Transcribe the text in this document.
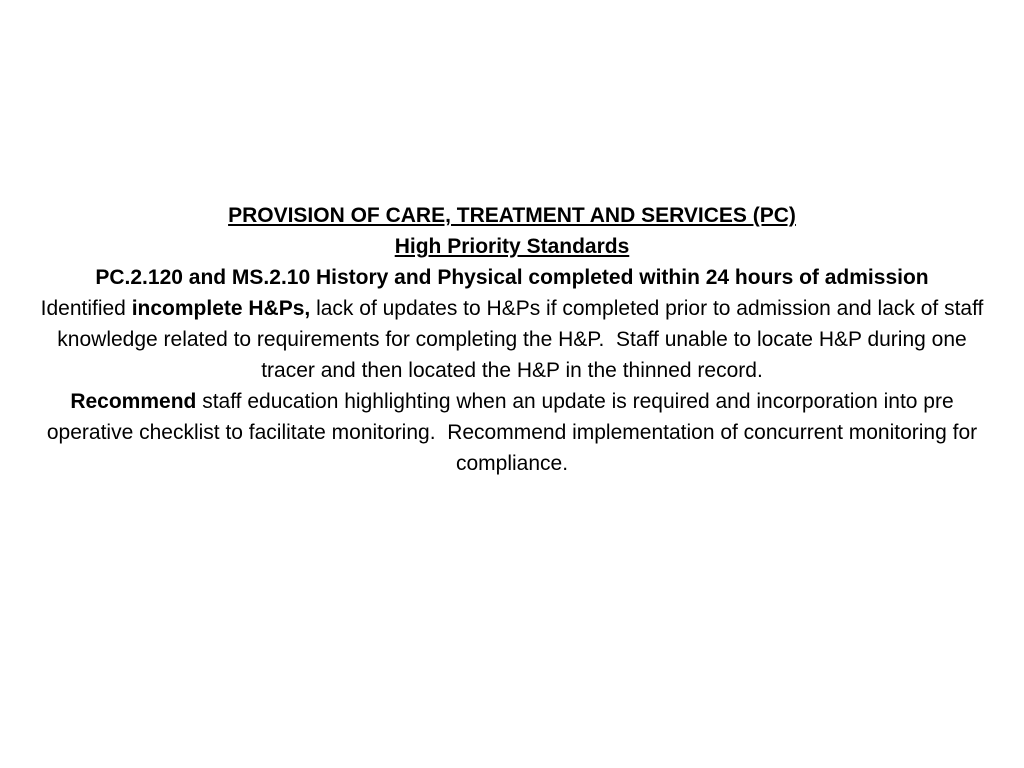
PROVISION OF CARE, TREATMENT AND SERVICES (PC)

High Priority Standards

PC.2.120 and MS.2.10 History and Physical completed within 24 hours of admission

Identified incomplete H&Ps, lack of updates to H&Ps if completed prior to admission and lack of staff knowledge related to requirements for completing the H&P.  Staff unable to locate H&P during one tracer and then located the H&P in the thinned record.

Recommend staff education highlighting when an update is required and incorporation into pre operative checklist to facilitate monitoring.  Recommend implementation of concurrent monitoring for compliance.
